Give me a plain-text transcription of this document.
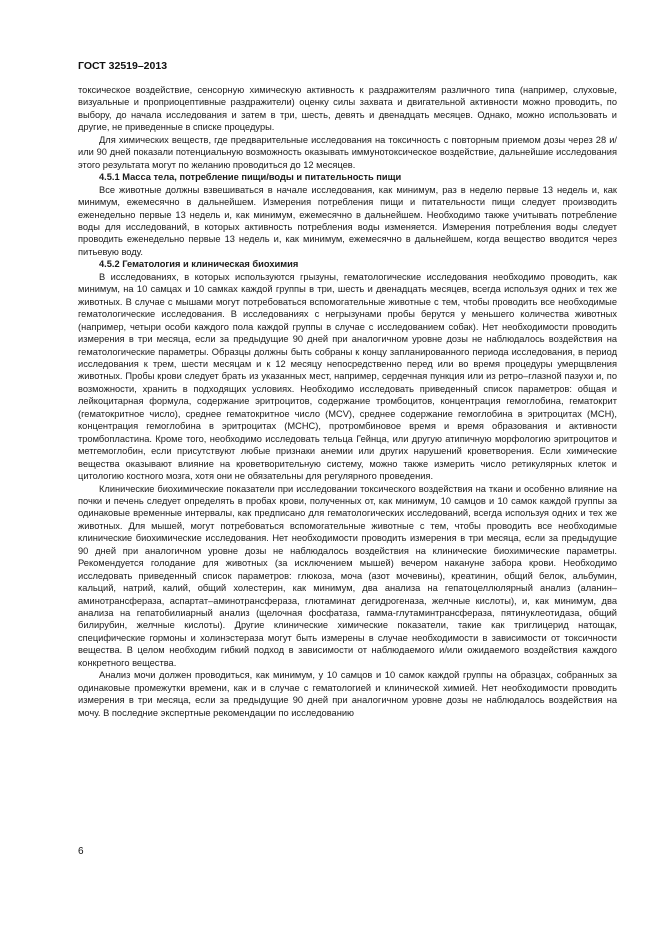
ГОСТ 32519–2013

токсическое воздействие, сенсорную химическую активность к раздражителям различного типа (например, слуховые, визуальные и проприоцептивные раздражители) оценку силы захвата и двигательной активности можно проводить, по выбору, до начала исследования и затем в три, шесть, девять и двенадцать месяцев. Однако, можно использовать и другие, не приведенные в списке процедуры.

Для химических веществ, где предварительные исследования на токсичность с повторным приемом дозы через 28 и/или 90 дней показали потенциальную возможность оказывать иммунотоксическое воздействие, дальнейшие исследования этого результата могут по желанию проводиться до 12 месяцев.

4.5.1 Масса тела, потребление пищи/воды и питательность пищи

Все животные должны взвешиваться в начале исследования, как минимум, раз в неделю первые 13 недель и, как минимум, ежемесячно в дальнейшем. Измерения потребления пищи и питательности пищи следует производить еженедельно первые 13 недель и, как минимум, ежемесячно в дальнейшем. Необходимо также учитывать потребление воды для исследований, в которых активность потребления воды изменяется. Измерения потребления воды следует проводить еженедельно первые 13 недель и, как минимум, ежемесячно в дальнейшем, когда вещество вводится через питьевую воду.

4.5.2 Гематология и клиническая биохимия

В исследованиях, в которых используются грызуны, гематологические исследования необходимо проводить, как минимум, на 10 самцах и 10 самках каждой группы в три, шесть и двенадцать месяцев, всегда используя одних и тех же животных. В случае с мышами могут потребоваться вспомогательные животные с тем, чтобы проводить все необходимые гематологические исследования. В исследованиях с негрызунами пробы берутся у меньшего количества животных (например, четыри особи каждого пола каждой группы в случае с исследованием собак). Нет необходимости проводить измерения в три месяца, если за предыдущие 90 дней при аналогичном уровне дозы не наблюдалось воздействия на гематологические параметры. Образцы должны быть собраны к концу запланированного периода исследования, в период исследования к трем, шести месяцам и к 12 месяцу непосредственно перед или во время процедуры умерщвления животных. Пробы крови следует брать из указанных мест, например, сердечная пункция или из ретро–глазной пазухи и, по возможности, хранить в подходящих условиях. Необходимо исследовать приведенный список параметров: общая и лейкоцитарная формула, содержание эритроцитов, содержание тромбоцитов, концентрация гемоглобина, гематокрит (гематокритное число), среднее гематокритное число (MCV), среднее содержание гемоглобина в эритроцитах (МСН), концентрация гемоглобина в эритроцитах (МСНС), протромбиновое время и время образования и активности тромбопластина. Кроме того, необходимо исследовать тельца Гейнца, или другую атипичную морфологию эритроцитов и метгемоглобин, если присутствуют любые признаки анемии или других нарушений кроветворения. Если химические вещества оказывают влияние на кроветворительную систему, можно также измерить число ретикулярных клеток и цитологию костного мозга, хотя они не обязательны для регулярного проведения.

Клинические биохимические показатели при исследовании токсического воздействия на ткани и особенно влияние на почки и печень следует определять в пробах крови, полученных от, как минимум, 10 самцов и 10 самок каждой группы за одинаковые временные интервалы, как предписано для гематологических исследований, всегда используя одних и тех же животных. Для мышей, могут потребоваться вспомогательные животные с тем, чтобы проводить все необходимые клинические биохимические исследования. Нет необходимости проводить измерения в три месяца, если за предыдущие 90 дней при аналогичном уровне дозы не наблюдалось воздействия на клинические биохимические параметры. Рекомендуется голодание для животных (за исключением мышей) вечером накануне забора крови. Необходимо исследовать приведенный список параметров: глюкоза, моча (азот мочевины), креатинин, общий белок, альбумин, кальций, натрий, калий, общий холестерин, как минимум, два анализа на гепатоцеллюлярный анализ (аланин–аминотрансфераза, аспартат–аминотрансфераза, глютаминат дегидрогеназа, желчные кислоты), и, как минимум, два анализа на гепатобилиарный анализ (щелочная фосфатаза, гамма-глутаминтрансфераза, пятинуклеотидаза, общий билирубин, желчные кислоты). Другие клинические химические показатели, такие как триглицерид натощак, специфические гормоны и холинэстераза могут быть измерены в случае необходимости в зависимости от токсичности вещества. В целом необходим гибкий подход в зависимости от наблюдаемого и/или ожидаемого воздействия каждого конкретного вещества.

Анализ мочи должен проводиться, как минимум, у 10 самцов и 10 самок каждой группы на образцах, собранных за одинаковые промежутки времени, как и в случае с гематологией и клинической химией. Нет необходимости проводить измерения в три месяца, если за предыдущие 90 дней при аналогичном уровне дозы не наблюдалось воздействия на мочу. В последние экспертные рекомендации по исследованию

6
